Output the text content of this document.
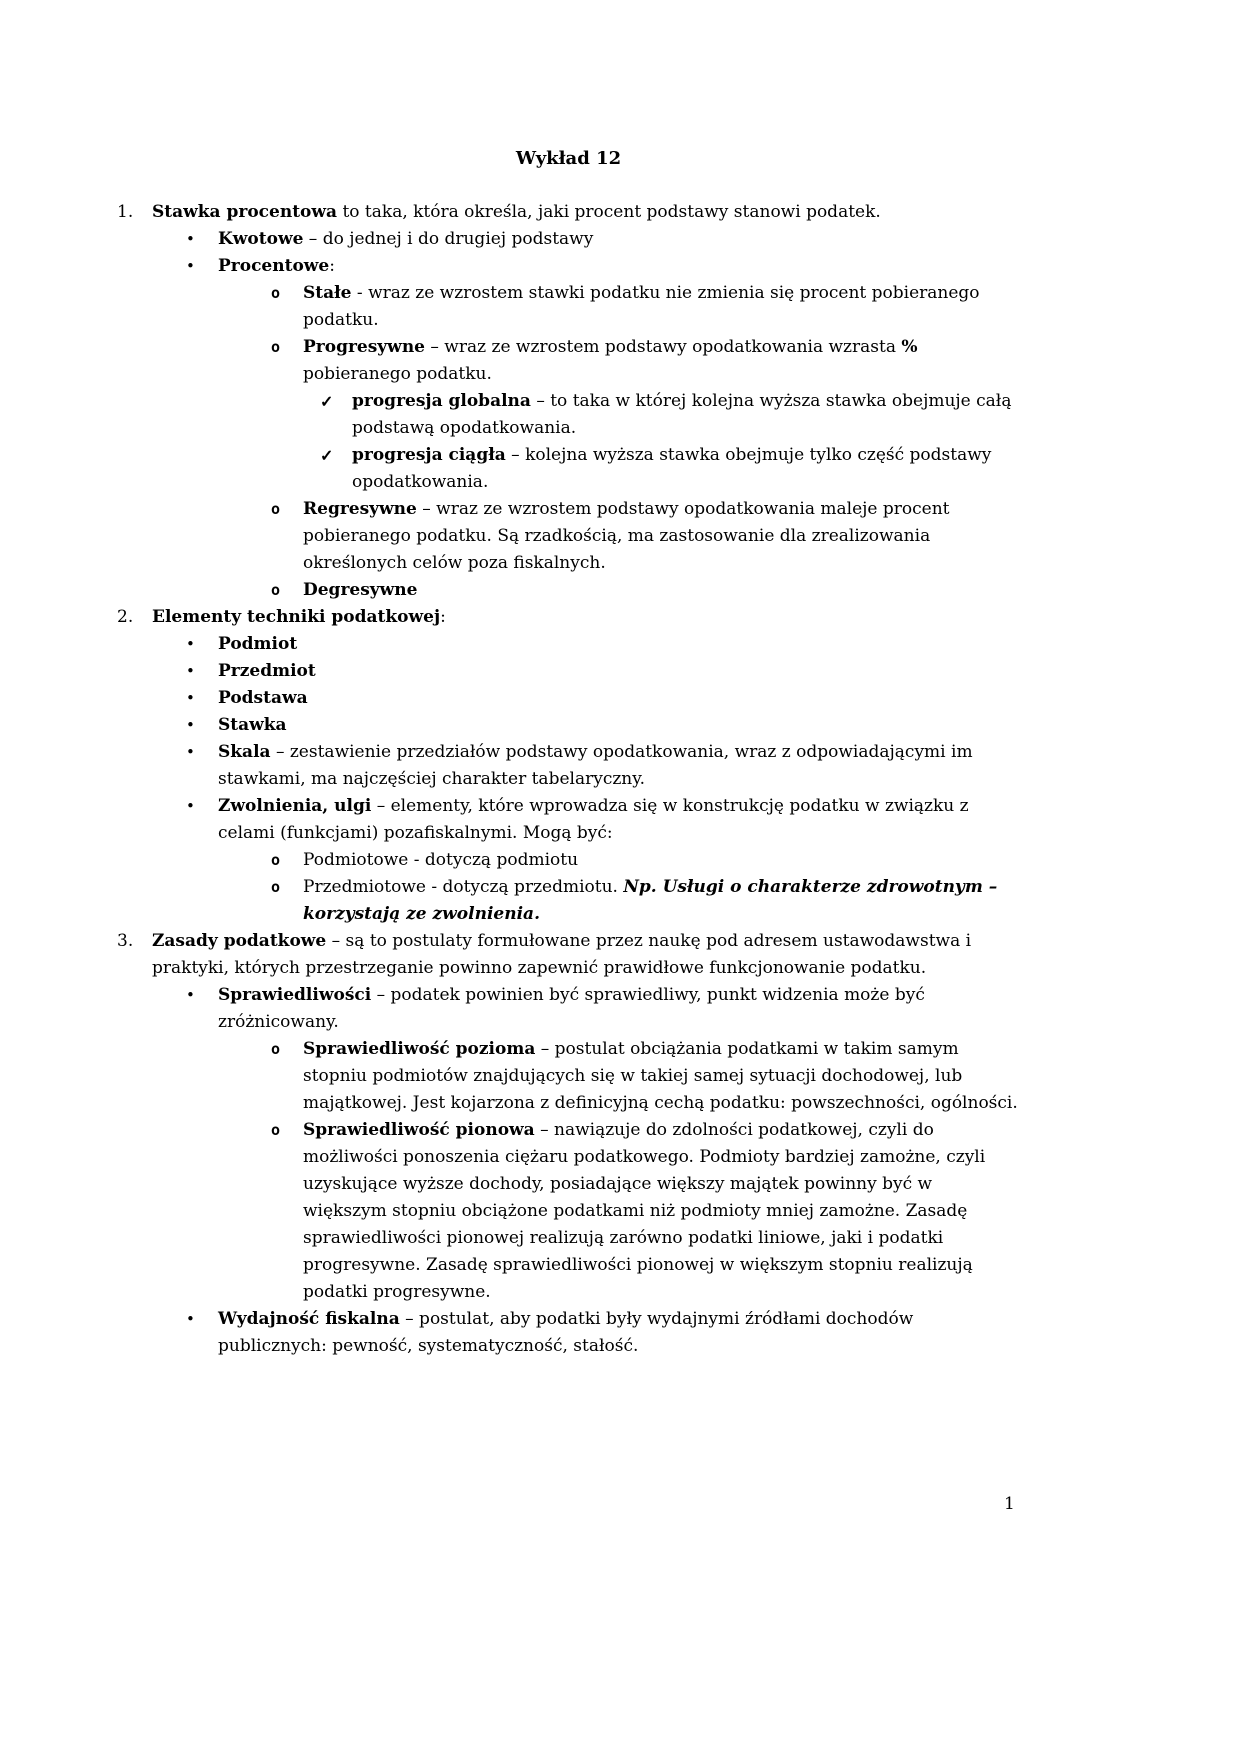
Wykład 12
1.	Stawka procentowa to taka, która określa, jaki procent podstawy stanowi podatek.
•	Kwotowe – do jednej i do drugiej podstawy
•	Procentowe:
o	Stałe - wraz ze wzrostem stawki podatku nie zmienia się procent pobieranego podatku.
o	Progresywne – wraz ze wzrostem podstawy opodatkowania wzrasta % pobieranego podatku.
✓	progresja globalna – to taka w której kolejna wyższa stawka obejmuje całą podstawą opodatkowania.
✓	progresja ciągła – kolejna wyższa stawka obejmuje tylko część podstawy opodatkowania.
o	Regresywne – wraz ze wzrostem podstawy opodatkowania maleje procent pobieranego podatku. Są rzadkością, ma zastosowanie dla zrealizowania określonych celów poza fiskalnych.
o	Degresywne
2.	Elementy techniki podatkowej:
•	Podmiot
•	Przedmiot
•	Podstawa
•	Stawka
•	Skala – zestawienie przedziałów podstawy opodatkowania, wraz z odpowiadającymi im stawkami, ma najczęściej charakter tabelaryczny.
•	Zwolnienia, ulgi – elementy, które wprowadza się w konstrukcję podatku w związku z celami (funkcjami) pozafiskalnymi. Mogą być:
o	Podmiotowe - dotyczą podmiotu
o	Przedmiotowe - dotyczą przedmiotu. Np. Usługi o charakterze zdrowotnym – korzystają ze zwolnienia.
3.	Zasady podatkowe – są to postulaty formułowane przez naukę pod adresem ustawodawstwa i praktyki, których przestrzeganie powinno zapewnić prawidłowe funkcjonowanie podatku.
•	Sprawiedliwości – podatek powinien być sprawiedliwy, punkt widzenia może być zróżnicowany.
o	Sprawiedliwość pozioma – postulat obciążania podatkami w takim samym stopniu podmiotów znajdujących się w takiej samej sytuacji dochodowej, lub majątkowej. Jest kojarzona z definicyjną cechą podatku: powszechności, ogólności.
o	Sprawiedliwość pionowa – nawiązuje do zdolności podatkowej, czyli do możliwości ponoszenia ciężaru podatkowego. Podmioty bardziej zamożne, czyli uzyskujące wyższe dochody, posiadające większy majątek powinny być w większym stopniu obciążone podatkami niż podmioty mniej zamożne. Zasadę sprawiedliwości pionowej realizują zarówno podatki liniowe, jaki i podatki progresywne. Zasadę sprawiedliwości pionowej w większym stopniu realizują podatki progresywne.
•	Wydajność fiskalna – postulat, aby podatki były wydajnymi źródłami dochodów publicznych: pewność, systematyczność, stałość.
1
